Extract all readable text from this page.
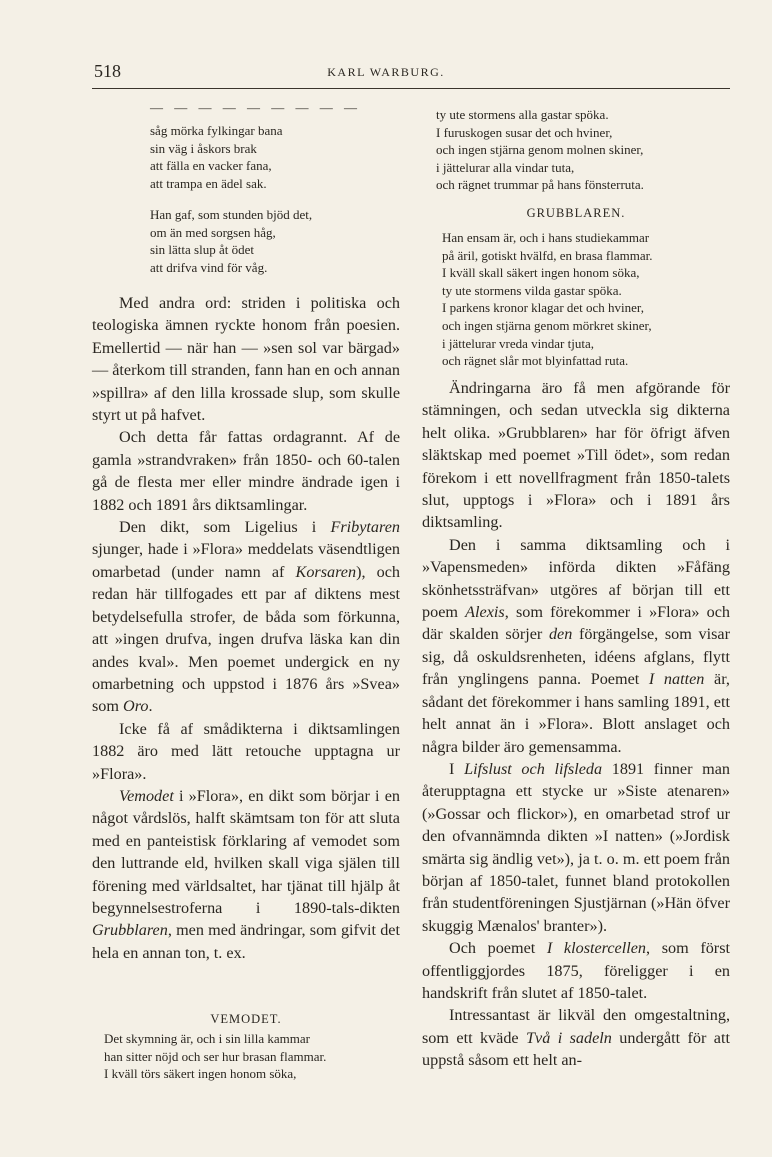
518	KARL WARBURG.
— — — — — — — — —
såg mörka fylkingar bana
sin väg i åskors brak
att fälla en vacker fana,
att trampa en ädel sak.
Han gaf, som stunden bjöd det,
om än med sorgsen håg,
sin lätta slup åt ödet
att drifva vind för våg.

Med andra ord: striden i politiska och teologiska ämnen ryckte honom från poesien. Emellertid — när han — »sen sol var bärgad» — återkom till stranden, fann han en och annan »spillra» af den lilla krossade slup, som skulle styrt ut på hafvet.

Och detta får fattas ordagrannt. Af de gamla »strandvraken» från 1850- och 60-talen gå de flesta mer eller mindre ändrade igen i 1882 och 1891 års diktsamlingar.

Den dikt, som Ligelius i Fribytaren sjunger, hade i »Flora» meddelats väsendtligen omarbetad (under namn af Korsaren), och redan här tillfogades ett par af diktens mest betydelsefulla strofer, de båda som förkunna, att »ingen drufva, ingen drufva läska kan din andes kval». Men poemet undergick en ny omarbetning och uppstod i 1876 års »Svea» som Oro.

Icke få af smådikterna i diktsamlingen 1882 äro med lätt retouche upptagna ur »Flora».

Vemodet i »Flora», en dikt som börjar i en något vårdslös, halft skämtsam ton för att sluta med en panteistisk förklaring af vemodet som den luttrande eld, hvilken skall viga själen till förening med världsaltet, har tjänat till hjälp åt begynnelsestroferna i 1890-tals-dikten Grubblaren, men med ändringar, som gifvit det hela en annan ton, t. ex.

VEMODET.
Det skymning är, och i sin lilla kammar
han sitter nöjd och ser hur brasan flammar.
I kväll törs säkert ingen honom söka,
ty ute stormens alla gastar spöka.
I furuskogen susar det och hviner,
och ingen stjärna genom molnen skiner,
i jättelurar alla vindar tuta,
och rägnet trummar på hans fönsterruta.
GRUBBLAREN.
Han ensam är, och i hans studiekammar
på äril, gotiskt hvälfd, en brasa flammar.
I kväll skall säkert ingen honom söka,
ty ute stormens vilda gastar spöka.
I parkens kronor klagar det och hviner,
och ingen stjärna genom mörkret skiner,
i jättelurar vreda vindar tjuta,
och rägnet slår mot blyinfattad ruta.

Ändringarna äro få men afgörande för stämningen, och sedan utveckla sig dikterna helt olika. »Grubblaren» har för öfrigt äfven släktskap med poemet »Till ödet», som redan förekom i ett novellfragment från 1850-talets slut, upptogs i »Flora» och i 1891 års diktsamling.

Den i samma diktsamling och i »Vapensmeden» införda dikten »Fåfäng skönhetssträfvan» utgöres af början till ett poem Alexis, som förekommer i »Flora» och där skalden sörjer den förgängelse, som visar sig, då oskuldsrenheten, idéens afglans, flytt från ynglingens panna. Poemet I natten är, sådant det förekommer i hans samling 1891, ett helt annat än i »Flora». Blott anslaget och några bilder äro gemensamma.

I Lifslust och lifsleda 1891 finner man återupptagna ett stycke ur »Siste atenaren» (»Gossar och flickor»), en omarbetad strof ur den ofvannämnda dikten »I natten» (»Jordisk smärta sig ändlig vet»), ja t. o. m. ett poem från början af 1850-talet, funnet bland protokollen från studentföreningen Sjustjärnan (»Hän öfver skuggig Mænalos' branter»).

Och poemet I klostercellen, som först offentliggjordes 1875, föreligger i en handskrift från slutet af 1850-talet.

Intressantast är likväl den omgestaltning, som ett kväde Två i sadeln undergått för att uppstå såsom ett helt an-
